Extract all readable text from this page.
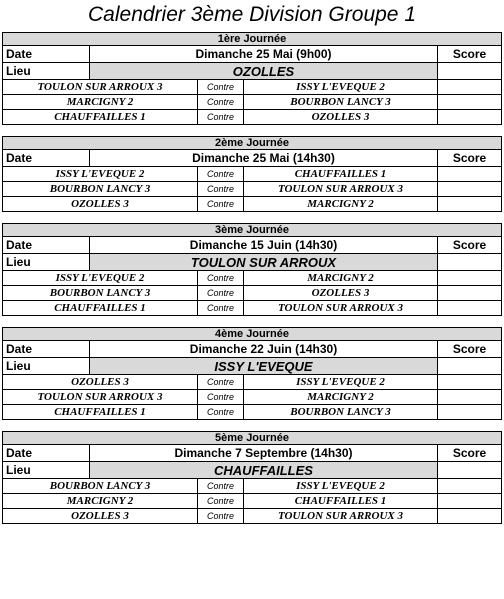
Calendrier 3ème Division Groupe 1
1ère Journée
Date	Dimanche 25 Mai (9h00)	Score
Lieu	OZOLLES
TOULON SUR ARROUX 3	Contre	ISSY L'EVEQUE 2
MARCIGNY 2	Contre	BOURBON LANCY 3
CHAUFFAILLES 1	Contre	OZOLLES 3
2ème Journée
Date	Dimanche 25 Mai (14h30)	Score
ISSY L'EVEQUE 2	Contre	CHAUFFAILLES 1
BOURBON LANCY 3	Contre	TOULON SUR ARROUX 3
OZOLLES 3	Contre	MARCIGNY 2
3ème Journée
Date	Dimanche 15 Juin (14h30)	Score
Lieu	TOULON SUR ARROUX
ISSY L'EVEQUE 2	Contre	MARCIGNY 2
BOURBON LANCY 3	Contre	OZOLLES 3
CHAUFFAILLES 1	Contre	TOULON SUR ARROUX 3
4ème Journée
Date	Dimanche 22 Juin (14h30)	Score
Lieu	ISSY L'EVEQUE
OZOLLES 3	Contre	ISSY L'EVEQUE 2
TOULON SUR ARROUX 3	Contre	MARCIGNY 2
CHAUFFAILLES 1	Contre	BOURBON LANCY 3
5ème Journée
Date	Dimanche 7 Septembre (14h30)	Score
Lieu	CHAUFFAILLES
BOURBON LANCY 3	Contre	ISSY L'EVEQUE 2
MARCIGNY 2	Contre	CHAUFFAILLES 1
OZOLLES 3	Contre	TOULON SUR ARROUX 3
